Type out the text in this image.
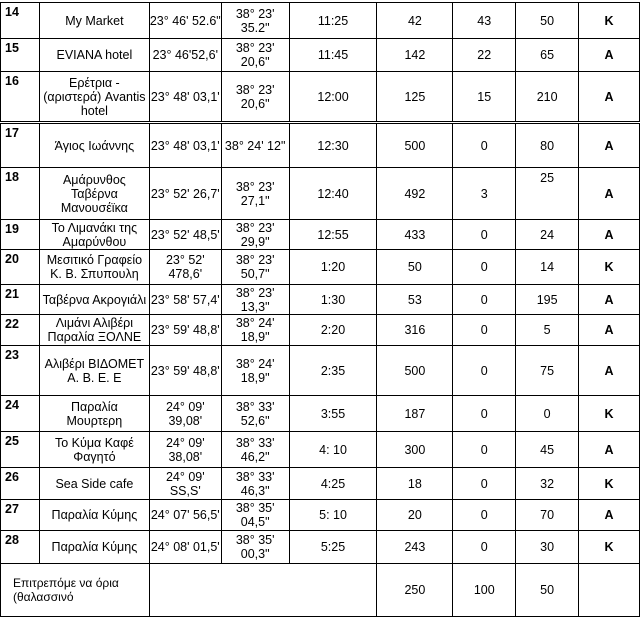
14	My Market	23° 46' 52.6"	38° 23' 35.2"	11:25	42	43	50	K
15	EVIANA hotel	23° 46'52,6'	38° 23' 20,6"	11:45	142	22	65	A
16	Ερέτρια - (αριστερά) Avantis hotel	23° 48' 03,1'	38° 23' 20,6"	12:00	125	15	210	A
17	Άγιος Ιωάννης	23° 48' 03,1'	38° 24' 12"	12:30	500	0	80	A
18	Αμάρυνθος Ταβέρνα Μανουσέϊκα	23° 52' 26,7'	38° 23' 27,1"	12:40	492	3	25	A
19	Το Λιμανάκι της Αμαρύνθου	23° 52' 48,5'	38° 23' 29,9"	12:55	433	0	24	A
20	Μεσιτικό Γραφείο Κ. Β. Σπυπουλη	23° 52' 478,6'	38° 23' 50,7"	1:20	50	0	14	K
21	Ταβέρνα Ακρογιάλι	23° 58' 57,4'	38° 23' 13,3"	1:30	53	0	195	A
22	Λιμάνι Αλιβέρι Παραλία ΞΟΛΝΕ	23° 59' 48,8'	38° 24' 18,9"	2:20	316	0	5	A
23	Αλιβέρι ΒΙΔΟΜΕΤ Α. Β. Ε. Ε	23° 59' 48,8'	38° 24' 18,9"	2:35	500	0	75	A
24	Παραλία Μουρτερη	24° 09' 39,08'	38° 33' 52,6"	3:55	187	0	0	K
25	Το Κύμα Καφέ Φαγητό	24° 09' 38,08'	38° 33' 46,2"	4: 10	300	0	45	A
26	Sea Side cafe	24° 09' SS,S'	38° 33' 46,3"	4:25	18	0	32	K
27	Παραλία Κύμης	24° 07' 56,5'	38° 35' 04,5"	5: 10	20	0	70	A
28	Παραλία Κύμης	24° 08' 01,5'	38° 35' 00,3"	5:25	243	0	30	K
Επιτρεπόμε να όρια (θαλασσινό					250	100	50	
